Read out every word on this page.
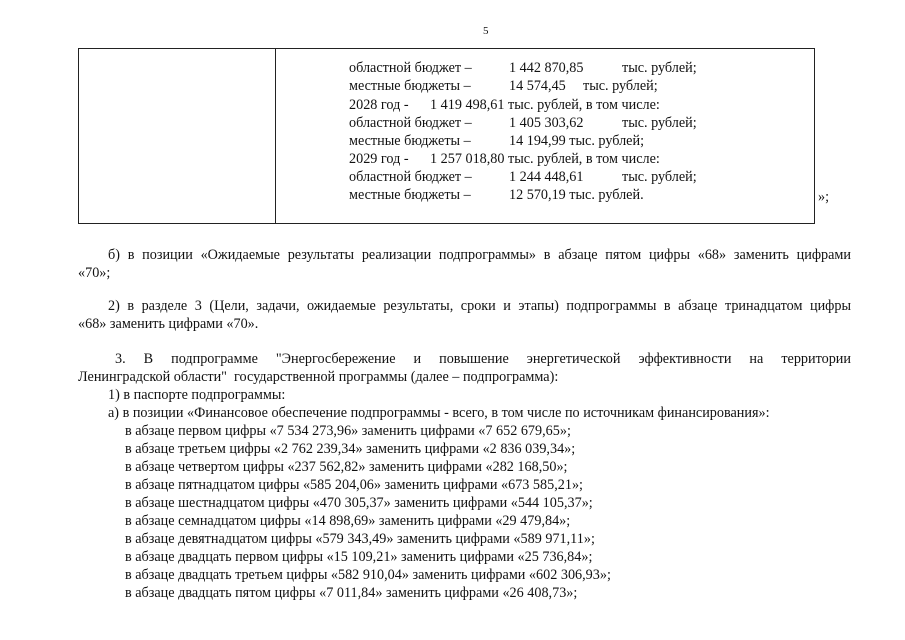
5
областной бюджет –	1 442 870,85	тыс. рублей;
местные бюджеты –	14 574,45 тыс. рублей;
2028 год - 1 419 498,61 тыс. рублей, в том числе:
областной бюджет –	1 405 303,62	тыс. рублей;
местные бюджеты –	14 194,99 тыс. рублей;
2029 год - 1 257 018,80 тыс. рублей, в том числе:
областной бюджет –	1 244 448,61	тыс. рублей;
местные бюджеты –	12 570,19 тыс. рублей.	»;
б) в позиции «Ожидаемые результаты реализации подпрограммы» в абзаце пятом цифры «68» заменить цифрами
«70»;
2) в разделе 3 (Цели, задачи, ожидаемые результаты, сроки и этапы) подпрограммы в абзаце тринадцатом цифры
«68» заменить цифрами «70».
3. В подпрограмме "Энергосбережение и повышение энергетической эффективности на территории
Ленинградской области"  государственной программы (далее – подпрограмма):
1) в паспорте подпрограммы:
а) в позиции «Финансовое обеспечение подпрограммы - всего, в том числе по источникам финансирования»:
в абзаце первом цифры «7 534 273,96» заменить цифрами «7 652 679,65»;
в абзаце третьем цифры «2 762 239,34» заменить цифрами «2 836 039,34»;
в абзаце четвертом цифры «237 562,82» заменить цифрами «282 168,50»;
в абзаце пятнадцатом цифры «585 204,06» заменить цифрами «673 585,21»;
в абзаце шестнадцатом цифры «470 305,37» заменить цифрами «544 105,37»;
в абзаце семнадцатом цифры «14 898,69» заменить цифрами «29 479,84»;
в абзаце девятнадцатом цифры «579 343,49» заменить цифрами «589 971,11»;
в абзаце двадцать первом цифры «15 109,21» заменить цифрами «25 736,84»;
в абзаце двадцать третьем цифры «582 910,04» заменить цифрами «602 306,93»;
в абзаце двадцать пятом цифры «7 011,84» заменить цифрами «26 408,73»;
